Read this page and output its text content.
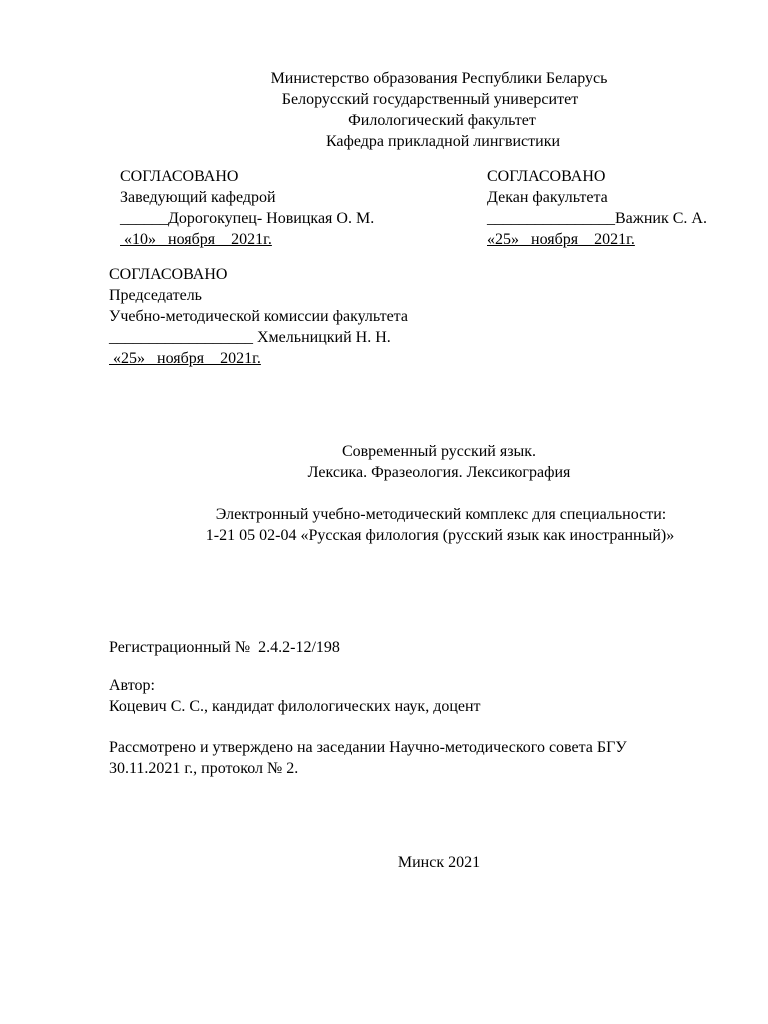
Министерство образования Республики Беларусь
Белорусский государственный университет
Филологический факультет
Кафедра прикладной лингвистики
СОГЛАСОВАНО
Заведующий кафедрой
______Дорогокупец- Новицкая О. М.
«10»   ноября    2021г.
СОГЛАСОВАНО
Декан факультета
________________Важник С. А.
«25»   ноября    2021г.
СОГЛАСОВАНО
Председатель
Учебно-методической комиссии факультета
__________________ Хмельницкий Н. Н.
«25»   ноября    2021г.
Современный русский язык.
Лексика. Фразеология. Лексикография
Электронный учебно-методический комплекс для специальности:
1-21 05 02-04 «Русская филология (русский язык как иностранный)»
Регистрационный №  2.4.2-12/198
Автор:
Коцевич С. С., кандидат филологических наук, доцент
Рассмотрено и утверждено на заседании Научно-методического совета БГУ
30.11.2021 г., протокол № 2.
Минск 2021
